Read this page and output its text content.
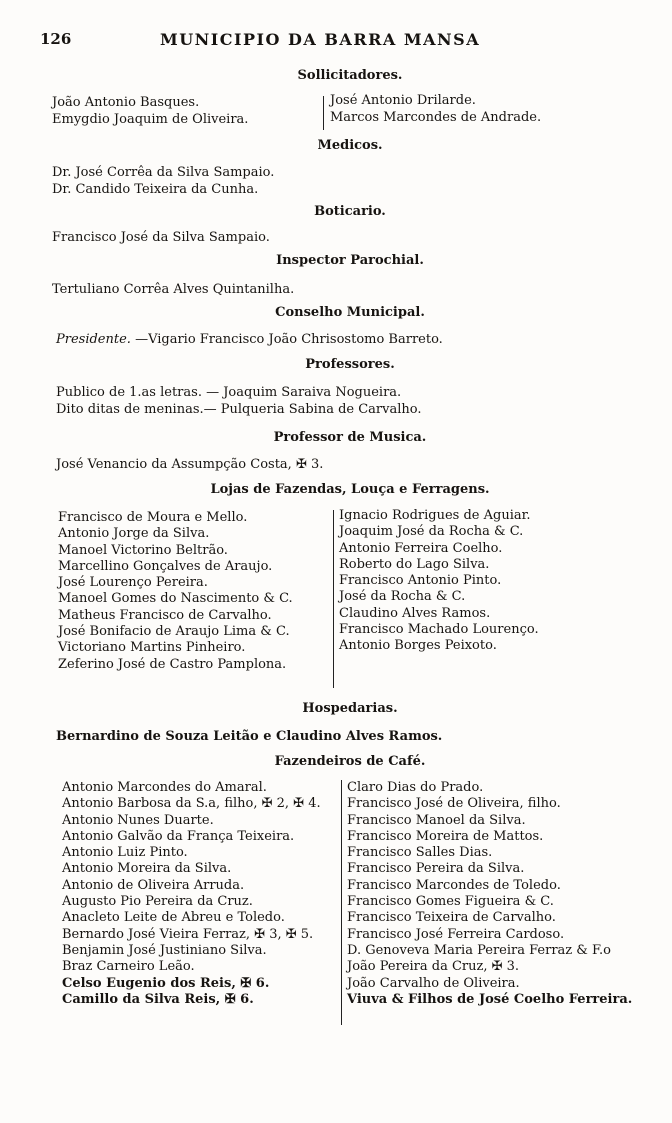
126	MUNICIPIO DA BARRA MANSA
Sollicitadores.
João Antonio Basques.
Emygdio Joaquim de Oliveira.
José Antonio Drilarde.
Marcos Marcondes de Andrade.
Medicos.
Dr. José Corrêa da Silva Sampaio.
Dr. Candido Teixeira da Cunha.
Boticario.
Francisco José da Silva Sampaio.
Inspector Parochial.
Tertuliano Corrêa Alves Quintanilha.
Conselho Municipal.
Presidente. —Vigario Francisco João Chrisostomo Barreto.
Professores.
Publico de 1.as letras. — Joaquim Saraiva Nogueira.
Dito ditas de meninas.— Pulqueria Sabina de Carvalho.
Professor de Musica.
José Venancio da Assumpção Costa, ✠ 3.
Lojas de Fazendas, Louça e Ferragens.
Francisco de Moura e Mello.
Antonio Jorge da Silva.
Manoel Victorino Beltrão.
Marcellino Gonçalves de Araujo.
José Lourenço Pereira.
Manoel Gomes do Nascimento & C.
Matheus Francisco de Carvalho.
José Bonifacio de Araujo Lima & C.
Victoriano Martins Pinheiro.
Zeferino José de Castro Pamplona.
Ignacio Rodrigues de Aguiar.
Joaquim José da Rocha & C.
Antonio Ferreira Coelho.
Roberto do Lago Silva.
Francisco Antonio Pinto.
José da Rocha & C.
Claudino Alves Ramos.
Francisco Machado Lourenço.
Antonio Borges Peixoto.
Hospedarias.
Bernardino de Souza Leitão e Claudino Alves Ramos.
Fazendeiros de Café.
Antonio Marcondes do Amaral.
Antonio Barbosa da S.a, filho, ✠ 2, ✠ 4.
Antonio Nunes Duarte.
Antonio Galvão da França Teixeira.
Antonio Luiz Pinto.
Antonio Moreira da Silva.
Antonio de Oliveira Arruda.
Augusto Pio Pereira da Cruz.
Anacleto Leite de Abreu e Toledo.
Bernardo José Vieira Ferraz, ✠ 3, ✠ 5.
Benjamin José Justiniano Silva.
Braz Carneiro Leão.
Celso Eugenio dos Reis, ✠ 6.
Camillo da Silva Reis, ✠ 6.
Claro Dias do Prado.
Francisco José de Oliveira, filho.
Francisco Manoel da Silva.
Francisco Moreira de Mattos.
Francisco Salles Dias.
Francisco Pereira da Silva.
Francisco Marcondes de Toledo.
Francisco Gomes Figueira & C.
Francisco Teixeira de Carvalho.
Francisco José Ferreira Cardoso.
D. Genoveva Maria Pereira Ferraz & F.o
João Pereira da Cruz, ✠ 3.
João Carvalho de Oliveira.
Viuva & Filhos de José Coelho Ferreira.
